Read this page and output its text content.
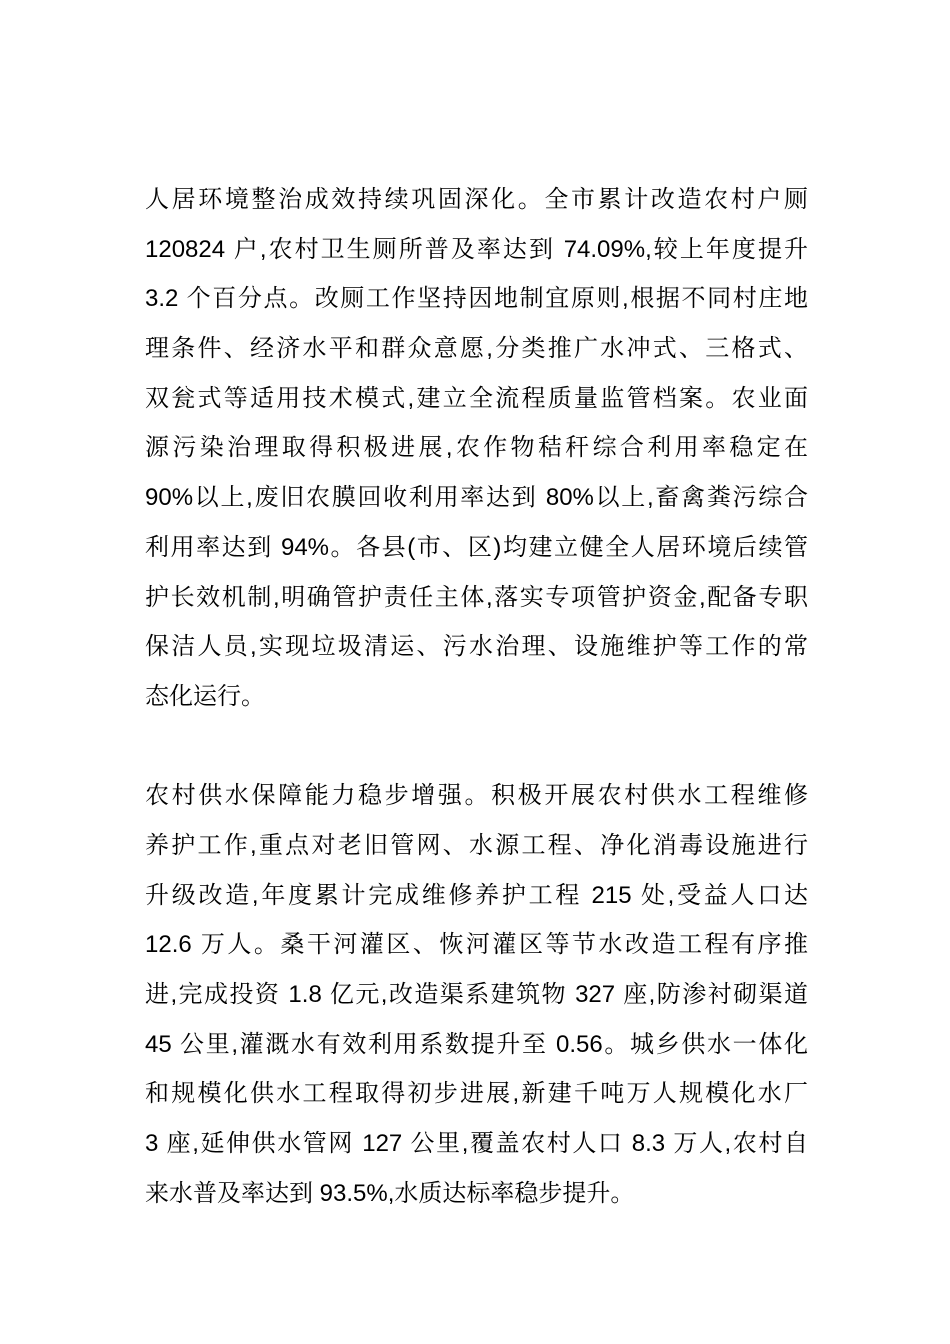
人居环境整治成效持续巩固深化。全市累计改造农村户厕
120824 户,农村卫生厕所普及率达到 74.09%,较上年度提升
3.2 个百分点。改厕工作坚持因地制宜原则,根据不同村庄地
理条件、经济水平和群众意愿,分类推广水冲式、三格式、
双瓮式等适用技术模式,建立全流程质量监管档案。农业面
源污染治理取得积极进展,农作物秸秆综合利用率稳定在
90%以上,废旧农膜回收利用率达到 80%以上,畜禽粪污综合
利用率达到 94%。各县(市、区)均建立健全人居环境后续管
护长效机制,明确管护责任主体,落实专项管护资金,配备专职
保洁人员,实现垃圾清运、污水治理、设施维护等工作的常
态化运行。
农村供水保障能力稳步增强。积极开展农村供水工程维修
养护工作,重点对老旧管网、水源工程、净化消毒设施进行
升级改造,年度累计完成维修养护工程 215 处,受益人口达
12.6 万人。桑干河灌区、恢河灌区等节水改造工程有序推
进,完成投资 1.8 亿元,改造渠系建筑物 327 座,防渗衬砌渠道
45 公里,灌溉水有效利用系数提升至 0.56。城乡供水一体化
和规模化供水工程取得初步进展,新建千吨万人规模化水厂
3 座,延伸供水管网 127 公里,覆盖农村人口 8.3 万人,农村自
来水普及率达到 93.5%,水质达标率稳步提升。
